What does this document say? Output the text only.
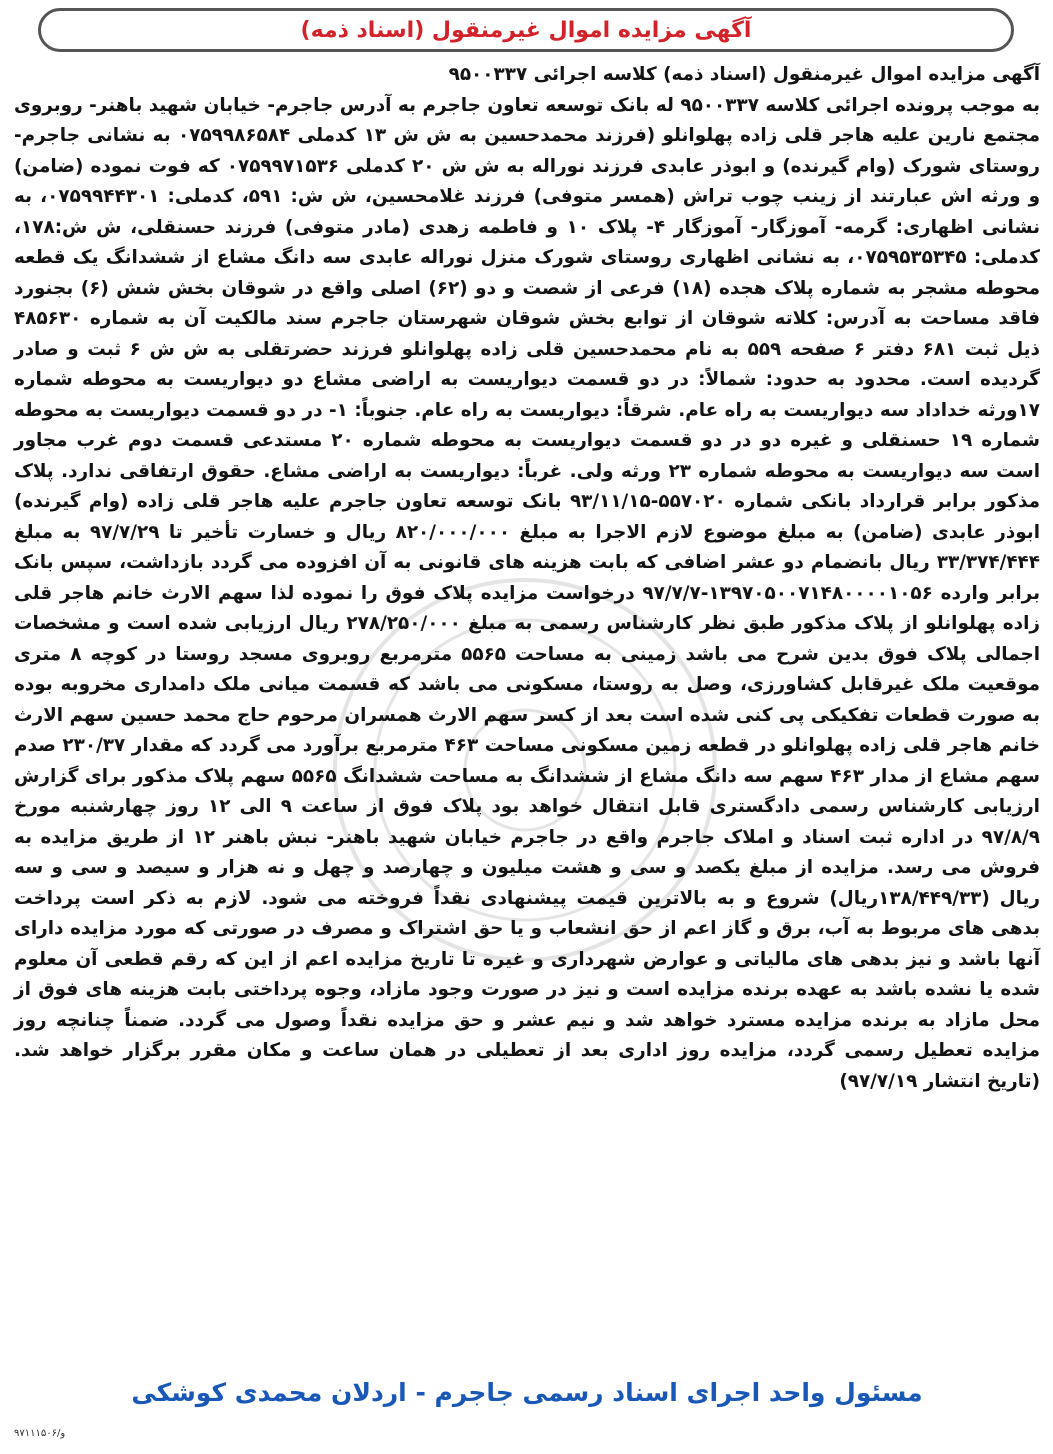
آگهی مزایده اموال غیرمنقول (اسناد ذمه)

آگهی مزایده اموال غیرمنقول (اسناد ذمه) کلاسه اجرائی ۹۵۰۰۳۳۷

به موجب پرونده اجرائی کلاسه ۹۵۰۰۳۳۷ له بانک توسعه تعاون جاجرم به آدرس جاجرم- خیابان شهید باهنر- روبروی مجتمع نارین علیه هاجر قلی زاده پهلوانلو (فرزند محمدحسین به ش ش ۱۳ کدملی ۰۷۵۹۹۸۶۵۸۴ به نشانی جاجرم- روستای شورک (وام گیرنده) و ابوذر عابدی فرزند نوراله به ش ش ۲۰ کدملی ۰۷۵۹۹۷۱۵۳۶ که فوت نموده (ضامن) و ورثه اش عبارتند از زینب چوب تراش (همسر متوفی) فرزند غلامحسین، ش ش: ۵۹۱، کدملی: ۰۷۵۹۹۴۴۳۰۱، به نشانی اظهاری: گرمه- آموزگار- آموزگار ۴- پلاک ۱۰ و فاطمه زهدی (مادر متوفی) فرزند حسنقلی، ش ش:۱۷۸، کدملی: ۰۷۵۹۵۳۵۳۴۵، به نشانی اظهاری روستای شورک منزل نوراله عابدی سه دانگ مشاع از ششدانگ یک قطعه محوطه مشجر به شماره پلاک هجده (۱۸) فرعی از شصت و دو (۶۲) اصلی واقع در شوقان بخش شش (۶) بجنورد فاقد مساحت به آدرس: کلاته شوقان از توابع بخش شوقان شهرستان جاجرم سند مالکیت آن به شماره ۴۸۵۶۳۰ ذیل ثبت ۶۸۱ دفتر ۶ صفحه ۵۵۹ به نام محمدحسین قلی زاده پهلوانلو فرزند حضرتقلی به ش ش ۶ ثبت و صادر گردیده است. محدود به حدود: شمالاً: در دو قسمت دیواریست به اراضی مشاع دو دیواریست به محوطه شماره ۱۷ورثه خداداد سه دیواریست به راه عام. شرقاً: دیواریست به راه عام. جنوباً: ۱- در دو قسمت دیواریست به محوطه شماره ۱۹ حسنقلی و غیره دو در دو قسمت دیواریست به محوطه شماره ۲۰ مستدعی قسمت دوم غرب مجاور است سه دیواریست به محوطه شماره ۲۳ ورثه ولی. غرباً: دیواریست به اراضی مشاع. حقوق ارتفاقی ندارد. پلاک مذکور برابر قرارداد بانکی شماره ۵۵۷۰۲۰-۹۳/۱۱/۱۵ بانک توسعه تعاون جاجرم علیه هاجر قلی زاده (وام گیرنده) ابوذر عابدی (ضامن) به مبلغ موضوع لازم الاجرا به مبلغ ۸۲۰/۰۰۰/۰۰۰ ریال و خسارت تأخیر تا ۹۷/۷/۲۹ به مبلغ ۳۳/۳۷۴/۴۴۴ ریال بانضمام دو عشر اضافی که بابت هزینه های قانونی به آن افزوده می گردد بازداشت، سپس بانک برابر وارده ۱۳۹۷۰۵۰۰۷۱۴۸۰۰۰۰۱۰۵۶-۹۷/۷/۷ درخواست مزایده پلاک فوق را نموده لذا سهم الارث خانم هاجر قلی زاده پهلوانلو از پلاک مذکور طبق نظر کارشناس رسمی به مبلغ ۲۷۸/۲۵۰/۰۰۰ ریال ارزیابی شده است و مشخصات اجمالی پلاک فوق بدین شرح می باشد زمینی به مساحت ۵۵۶۵ مترمربع روبروی مسجد روستا در کوچه ۸ متری موقعیت ملک غیرقابل کشاورزی، وصل به روستا، مسکونی می باشد که قسمت میانی ملک دامداری مخروبه بوده به صورت قطعات تفکیکی پی کنی شده است بعد از کسر سهم الارث همسران مرحوم حاج محمد حسین سهم الارث خانم هاجر قلی زاده پهلوانلو در قطعه زمین مسکونی مساحت ۴۶۳ مترمربع برآورد می گردد که مقدار ۲۳۰/۳۷ صدم سهم مشاع از مدار ۴۶۳ سهم سه دانگ مشاع از ششدانگ به مساحت ششدانگ ۵۵۶۵ سهم پلاک مذکور برای گزارش ارزیابی کارشناس رسمی دادگستری قابل انتقال خواهد بود پلاک فوق از ساعت ۹ الی ۱۲ روز چهارشنبه مورخ ۹۷/۸/۹ در اداره ثبت اسناد و املاک جاجرم واقع در جاجرم خیابان شهید باهنر- نبش باهنر ۱۲ از طریق مزایده به فروش می رسد. مزایده از مبلغ یکصد و سی و هشت میلیون و چهارصد و چهل و نه هزار و سیصد و سی و سه ریال (۱۳۸/۴۴۹/۳۳ریال) شروع و به بالاترین قیمت پیشنهادی نقداً فروخته می شود. لازم به ذکر است پرداخت بدهی های مربوط به آب، برق و گاز اعم از حق انشعاب و یا حق اشتراک و مصرف در صورتی که مورد مزایده دارای آنها باشد و نیز بدهی های مالیاتی و عوارض شهرداری و غیره تا تاریخ مزایده اعم از این که رقم قطعی آن معلوم شده یا نشده باشد به عهده برنده مزایده است و نیز در صورت وجود مازاد، وجوه پرداختی بابت هزینه های فوق از محل مازاد به برنده مزایده مسترد خواهد شد و نیم عشر و حق مزایده نقداً وصول می گردد. ضمناً چنانچه روز مزایده تعطیل رسمی گردد، مزایده روز اداری بعد از تعطیلی در همان ساعت و مکان مقرر برگزار خواهد شد. (تاریخ انتشار ۹۷/۷/۱۹)

مسئول واحد اجرای اسناد رسمی جاجرم - اردلان محمدی کوشکی
۹۷۱۱۱۵۰۶/و
